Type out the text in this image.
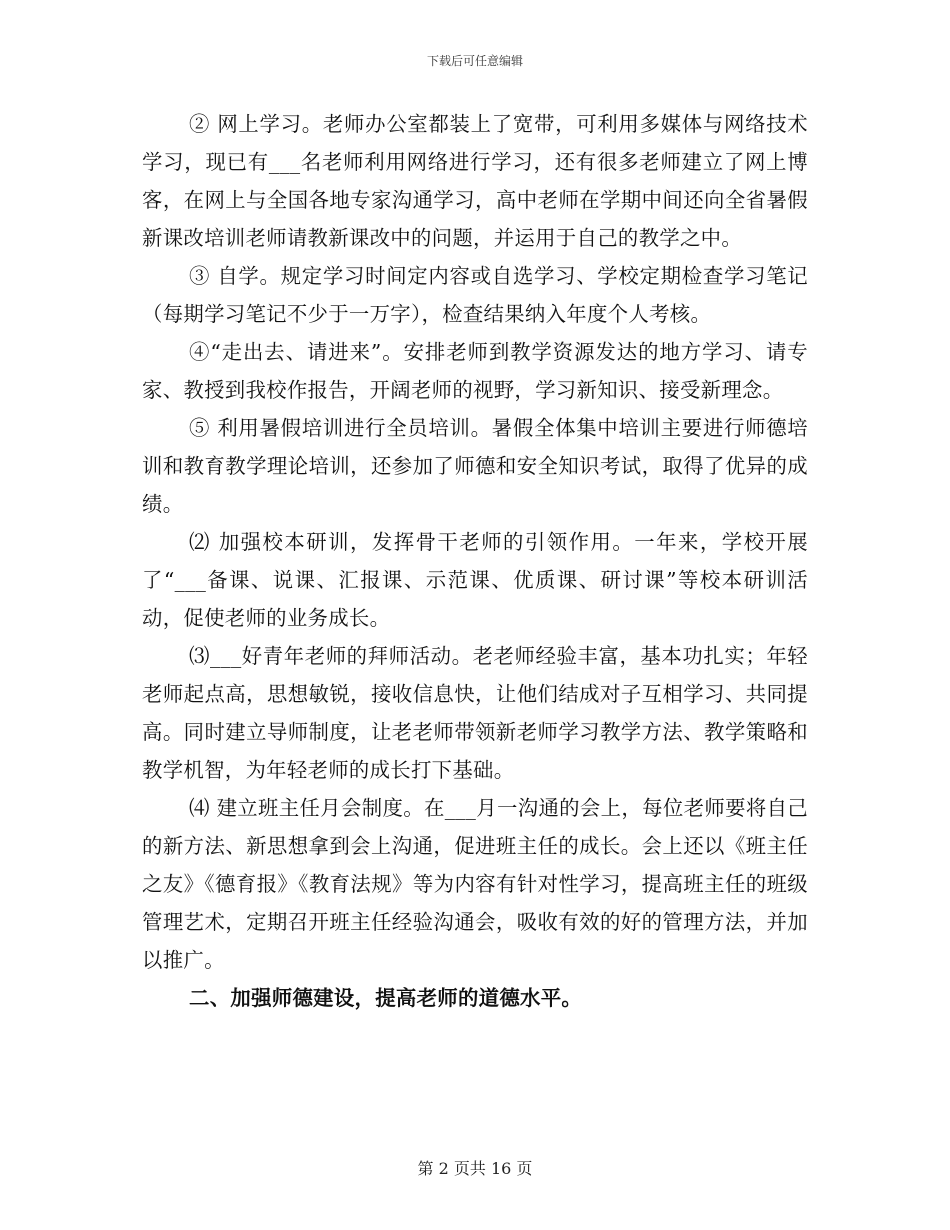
下载后可任意编辑

② 网上学习。老师办公室都装上了宽带，可利用多媒体与网络技术学习，现已有___名老师利用网络进行学习，还有很多老师建立了网上博客，在网上与全国各地专家沟通学习，高中老师在学期中间还向全省暑假新课改培训老师请教新课改中的问题，并运用于自己的教学之中。

③ 自学。规定学习时间定内容或自选学习、学校定期检查学习笔记（每期学习笔记不少于一万字），检查结果纳入年度个人考核。

④“走出去、请进来”。安排老师到教学资源发达的地方学习、请专家、教授到我校作报告，开阔老师的视野，学习新知识、接受新理念。

⑤ 利用暑假培训进行全员培训。暑假全体集中培训主要进行师德培训和教育教学理论培训，还参加了师德和安全知识考试，取得了优异的成绩。

⑵ 加强校本研训，发挥骨干老师的引领作用。一年来，学校开展了“___备课、说课、汇报课、示范课、优质课、研讨课”等校本研训活动，促使老师的业务成长。

⑶___好青年老师的拜师活动。老老师经验丰富，基本功扎实；年轻老师起点高，思想敏锐，接收信息快，让他们结成对子互相学习、共同提高。同时建立导师制度，让老老师带领新老师学习教学方法、教学策略和教学机智，为年轻老师的成长打下基础。

⑷ 建立班主任月会制度。在___月一沟通的会上，每位老师要将自己的新方法、新思想拿到会上沟通，促进班主任的成长。会上还以《班主任之友》《德育报》《教育法规》等为内容有针对性学习，提高班主任的班级管理艺术，定期召开班主任经验沟通会，吸收有效的好的管理方法，并加以推广。

二、加强师德建设，提高老师的道德水平。

第 2 页共 16 页
